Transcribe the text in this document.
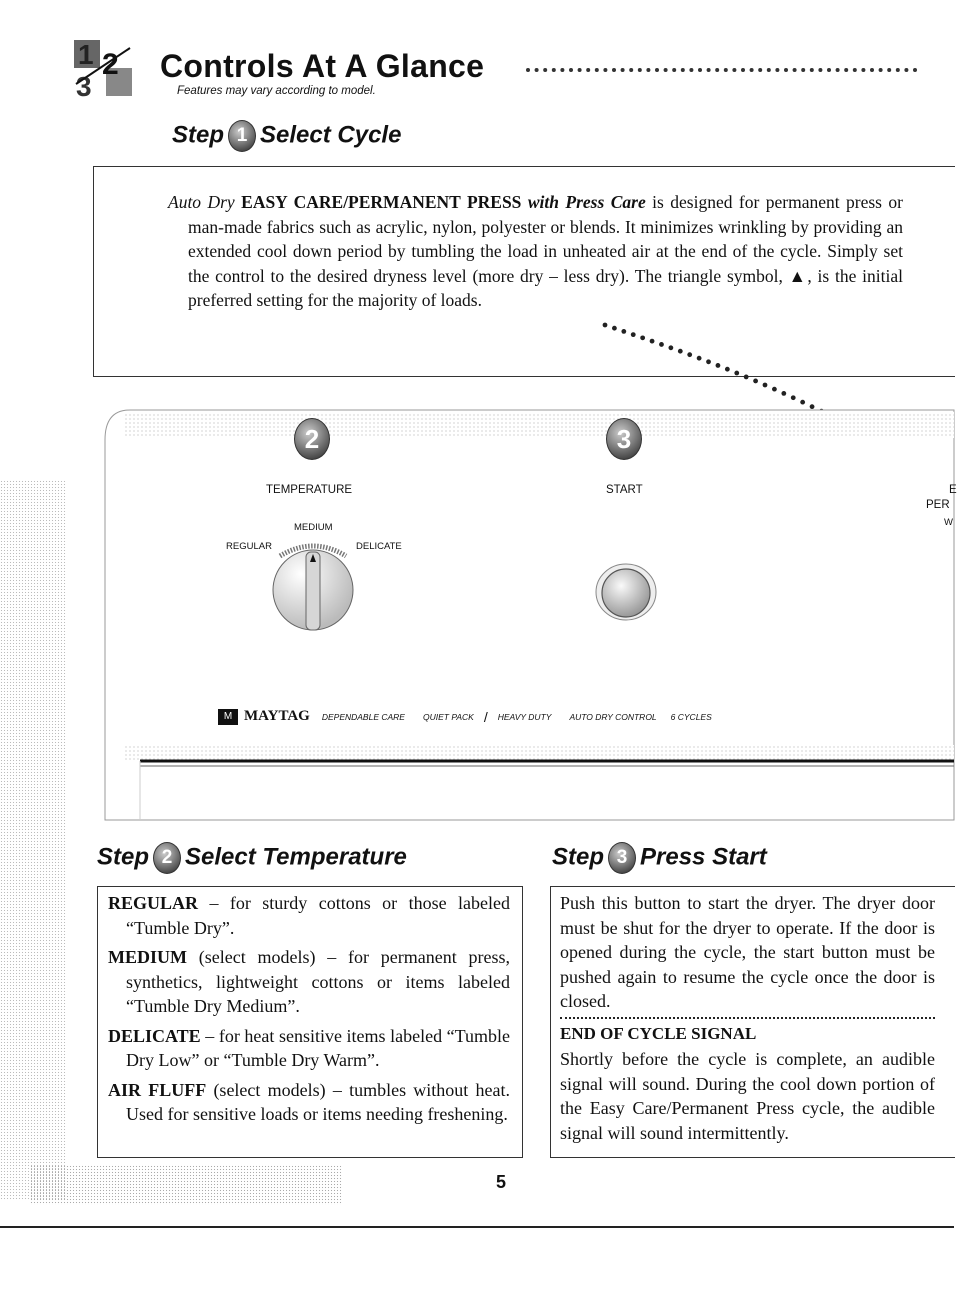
1 2
3
Controls At A Glance
Features may vary according to model.
Step 1 Select Cycle

Auto Dry EASY CARE/PERMANENT PRESS with Press Care is designed for permanent press or man-made fabrics such as acrylic, nylon, polyester or blends. It minimizes wrinkling by providing an extended cool down period by tumbling the load in unheated air at the end of the cycle. Simply set the control to the desired dryness level (more dry – less dry). The triangle symbol, ▲, is the initial preferred setting for the majority of loads.

2	3
TEMPERATURE	START	E
PER
W
MEDIUM
REGULAR	DELICATE
M MAYTAG DEPENDABLE CARE QUIET PACK / HEAVY DUTY AUTO DRY CONTROL 6 CYCLES
Step 2 Select Temperature	Step 3 Press Start

REGULAR – for sturdy cottons or those labeled “Tumble Dry”.

MEDIUM (select models) – for permanent press, synthetics, lightweight cottons or items labeled “Tumble Dry Medium”.

DELICATE – for heat sensitive items labeled “Tumble Dry Low” or “Tumble Dry Warm”.

AIR FLUFF (select models) – tumbles without heat. Used for sensitive loads or items needing freshening.

Push this button to start the dryer. The dryer door must be shut for the dryer to operate. If the door is opened during the cycle, the start button must be pushed again to resume the cycle once the door is closed.
END OF CYCLE SIGNAL
Shortly before the cycle is complete, an audible signal will sound. During the cool down portion of the Easy Care/Permanent Press cycle, the audible signal will sound intermittently.
5
